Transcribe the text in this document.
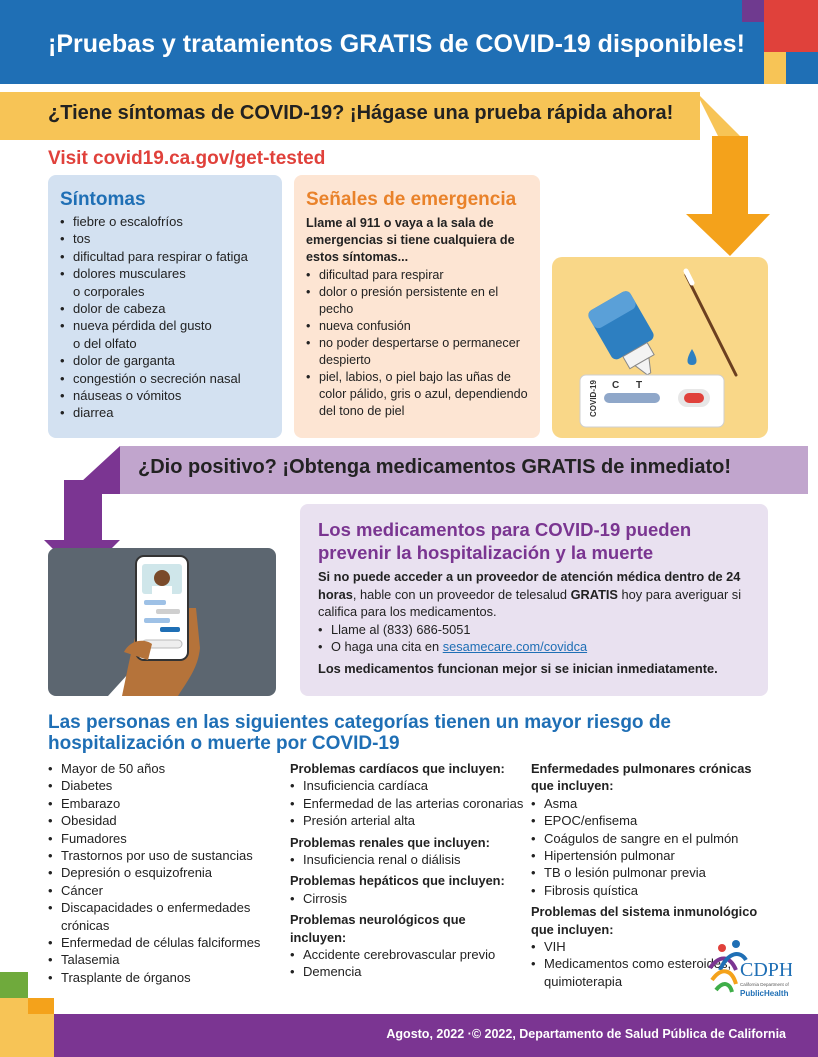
¡Pruebas y tratamientos GRATIS de COVID-19 disponibles!
¿Tiene síntomas de COVID-19? ¡Hágase una prueba rápida ahora!
Visit covid19.ca.gov/get-tested
Síntomas
• fiebre o escalofríos
• tos
• dificultad para respirar o fatiga
• dolores musculares
o corporales
• dolor de cabeza
• nueva pérdida del gusto
o del olfato
• dolor de garganta
• congestión o secreción nasal
• náuseas o vómitos
• diarrea
Señales de emergencia
Llame al 911 o vaya a la sala de emergencias si tiene cualquiera de estos síntomas...
• dificultad para respirar
• dolor o presión persistente en el pecho
• nueva confusión
• no poder despertarse o permanecer despierto
• piel, labios, o piel bajo las uñas de color pálido, gris o azul, dependiendo del tono de piel	COVID-19 C T
¿Dio positivo? ¡Obtenga medicamentos GRATIS de inmediato!
Los medicamentos para COVID-19 pueden prevenir la hospitalización y la muerte
Si no puede acceder a un proveedor de atención médica dentro de 24 horas, hable con un proveedor de telesalud GRATIS hoy para averiguar si califica para los medicamentos.
• Llame al (833) 686-5051
• O haga una cita en sesamecare.com/covidca
Los medicamentos funcionan mejor si se inician inmediatamente.
Las personas en las siguientes categorías tienen un mayor riesgo de hospitalización o muerte por COVID-19
• Mayor de 50 años
• Diabetes
• Embarazo
• Obesidad
• Fumadores
• Trastornos por uso de sustancias
• Depresión o esquizofrenia
• Cáncer
• Discapacidades o enfermedades crónicas
• Enfermedad de células falciformes
• Talasemia
• Trasplante de órganos
Problemas cardíacos que incluyen:
• Insuficiencia cardíaca
• Enfermedad de las arterias coronarias
• Presión arterial alta
Problemas renales que incluyen:
• Insuficiencia renal o diálisis
Problemas hepáticos que incluyen:
• Cirrosis
Problemas neurológicos que incluyen:
• Accidente cerebrovascular previo
• Demencia
Enfermedades pulmonares crónicas que incluyen:
• Asma
• EPOC/enfisema
• Coágulos de sangre en el pulmón
• Hipertensión pulmonar
• TB o lesión pulmonar previa
• Fibrosis quística
Problemas del sistema inmunológico que incluyen:
• VIH
• Medicamentos como esteroides, quimioterapia
CDPH
California Department of
PublicHealth
Agosto, 2022 ·© 2022, Departamento de Salud Pública de California
